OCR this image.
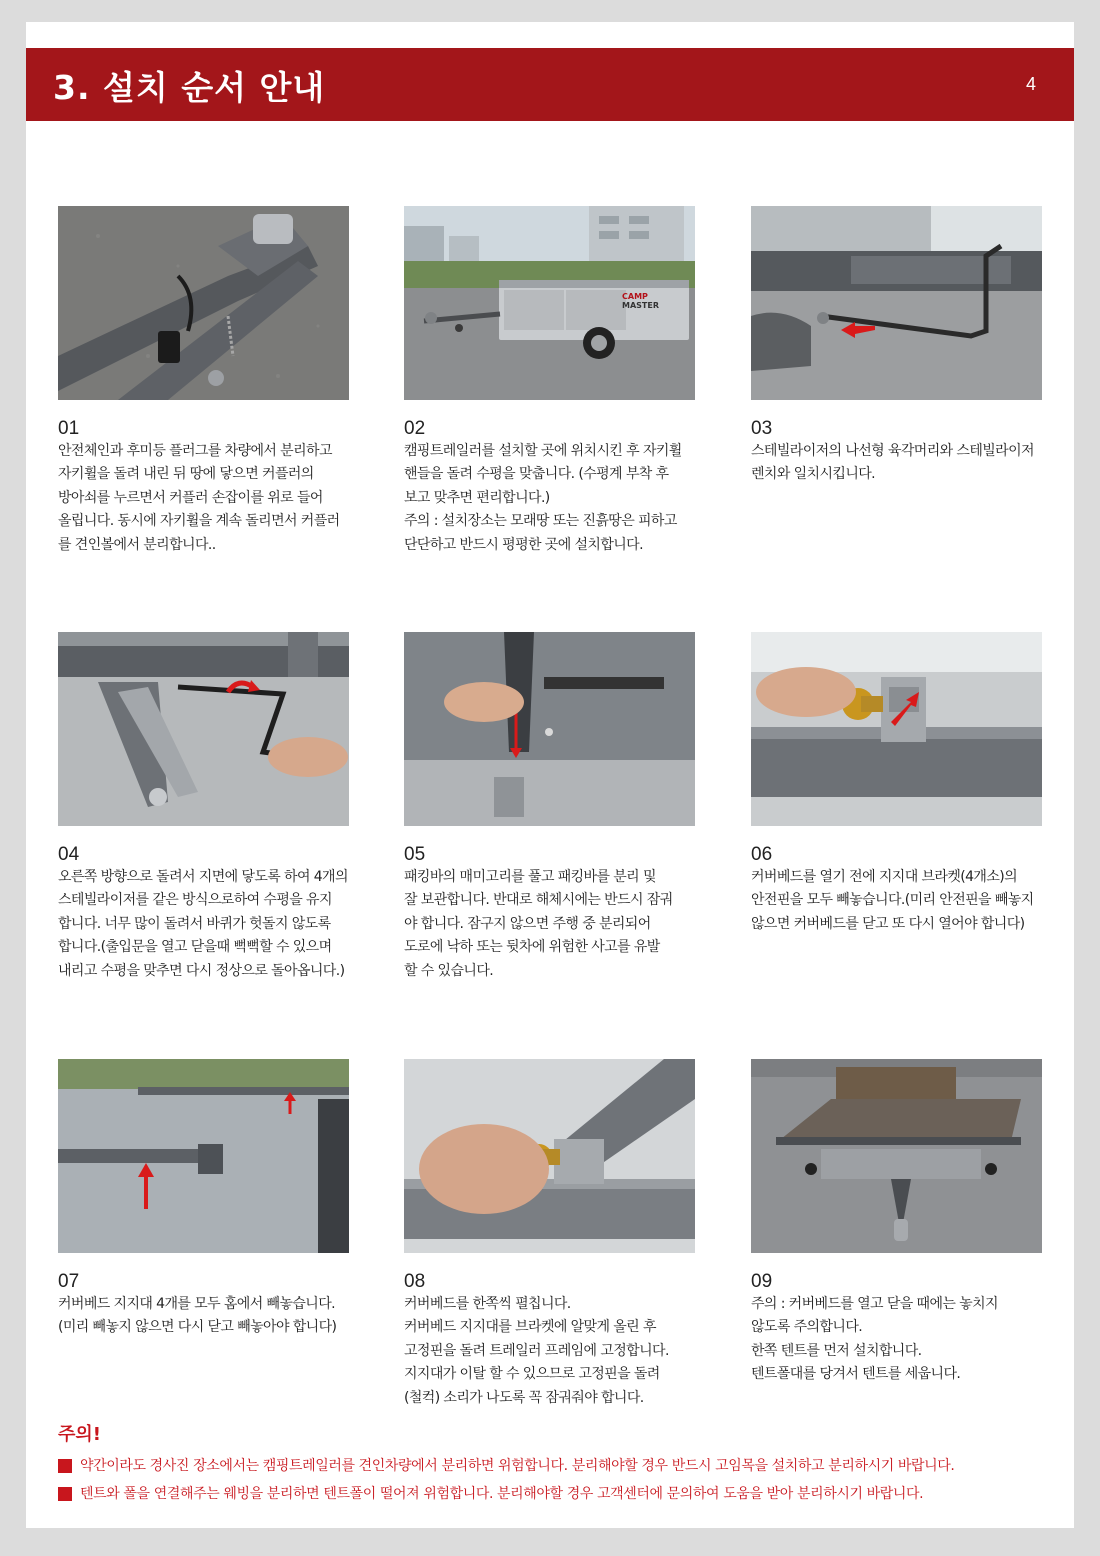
3. 설치 순서 안내	4
01

안전체인과 후미등 플러그를 차량에서 분리하고

자키휠을 돌려 내린 뒤 땅에 닿으면 커플러의

방아쇠를 누르면서 커플러 손잡이를 위로 들어

올립니다. 동시에 자키휠을 계속 돌리면서 커플러

를 견인볼에서 분리합니다..

CAMP
MASTER
02

캠핑트레일러를 설치할 곳에 위치시킨 후 자키휠

핸들을 돌려 수평을 맞춥니다. (수평계 부착 후

보고 맞추면 편리합니다.)

주의 : 설치장소는 모래땅 또는 진흙땅은 피하고

단단하고 반드시 평평한 곳에 설치합니다.

03

스테빌라이저의 나선형 육각머리와 스테빌라이저

렌치와 일치시킵니다.

04

오른쪽 방향으로 돌려서 지면에 닿도록 하여 4개의

스테빌라이저를 같은 방식으로하여 수평을 유지

합니다. 너무 많이 돌려서 바퀴가 헛돌지 않도록

합니다.(출입문을 열고 닫을때 뻑뻑할 수 있으며

내리고 수평을 맞추면 다시 정상으로 돌아옵니다.)

05

패킹바의 매미고리를 풀고 패킹바를 분리 및

잘 보관합니다. 반대로 해체시에는 반드시 잠궈

야 합니다. 잠구지 않으면 주행 중 분리되어

도로에 낙하 또는 뒷차에 위험한 사고를 유발

할 수 있습니다.

06

커버베드를 열기 전에 지지대 브라켓(4개소)의

안전핀을 모두 빼놓습니다.(미리 안전핀을 빼놓지

않으면 커버베드를 닫고 또 다시 열어야 합니다)

07

커버베드 지지대 4개를 모두 홈에서 빼놓습니다.

(미리 빼놓지 않으면 다시 닫고 빼놓아야 합니다)

08

커버베드를 한쪽씩 펼칩니다.

커버베드 지지대를 브라켓에 알맞게 올린 후

고정핀을 돌려 트레일러 프레임에 고정합니다.

지지대가 이탈 할 수 있으므로 고정핀을 돌려

(철컥) 소리가 나도록 꼭 잠궈줘야 합니다.

09

주의 : 커버베드를 열고 닫을 때에는 놓치지

않도록 주의합니다.

한쪽 텐트를 먼저 설치합니다.

텐트폴대를 당겨서 텐트를 세웁니다.

주의!
약간이라도 경사진 장소에서는 캠핑트레일러를 견인차량에서 분리하면 위험합니다. 분리해야할 경우 반드시 고임목을 설치하고 분리하시기 바랍니다.
텐트와 폴을 연결해주는 웨빙을 분리하면 텐트폴이 떨어져 위험합니다. 분리해야할 경우 고객센터에 문의하여 도움을 받아 분리하시기 바랍니다.
